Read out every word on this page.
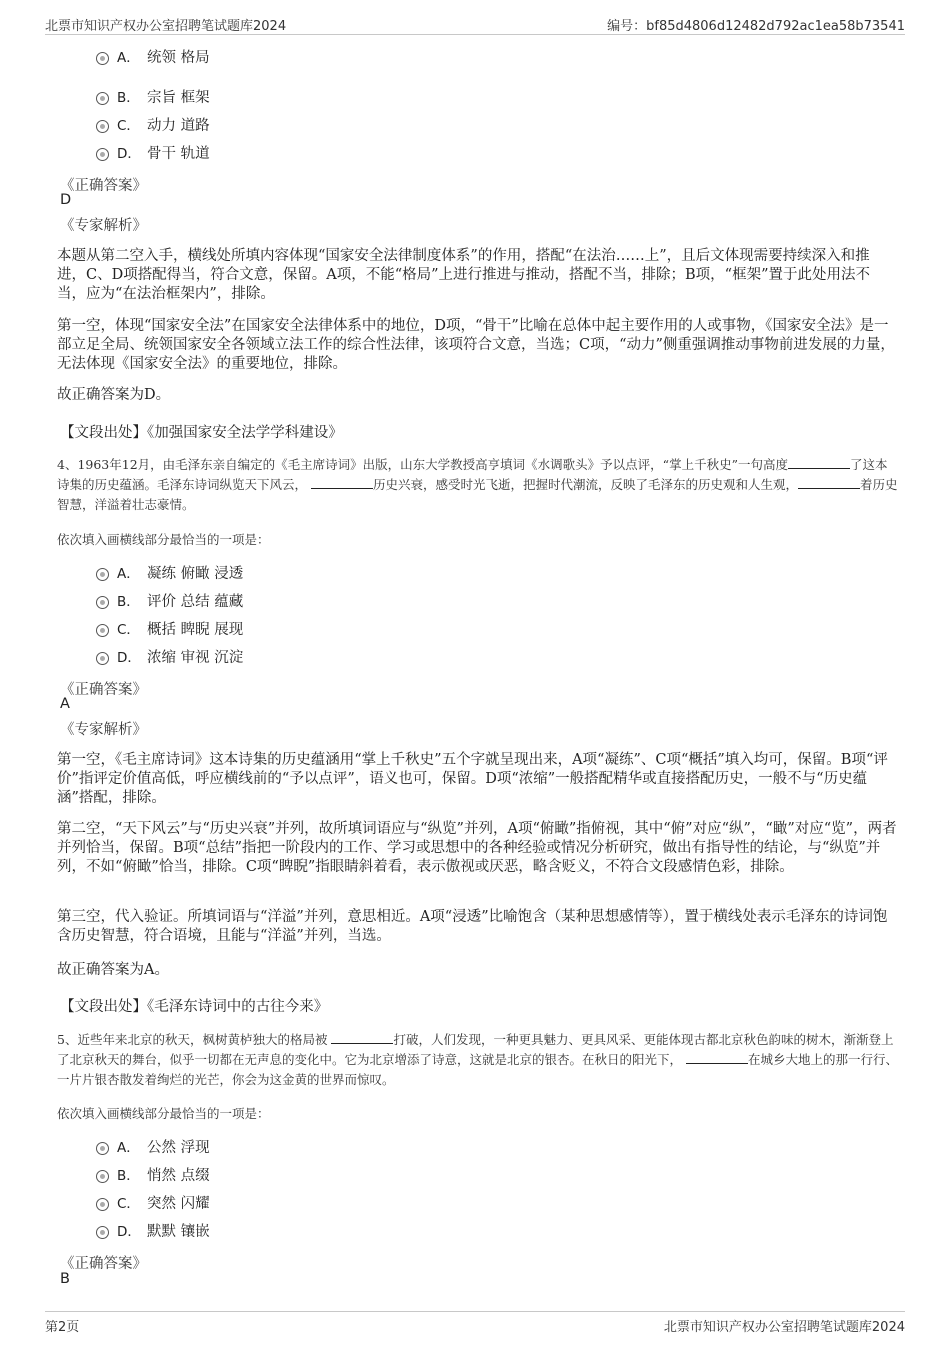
北票市知识产权办公室招聘笔试题库2024	编号：bf85d4806d12482d792ac1ea58b73541
A． 统领 格局
B． 宗旨 框架
C． 动力 道路
D． 骨干 轨道
《正确答案》
D
《专家解析》
本题从第二空入手，横线处所填内容体现“国家安全法律制度体系”的作用，搭配“在法治……上”，且后文体现需要持续深入和推进，C、D项搭配得当，符合文意，保留。A项，不能“格局”上进行推进与推动，搭配不当，排除；B项，“框架”置于此处用法不当，应为“在法治框架内”，排除。
第一空，体现“国家安全法”在国家安全法律体系中的地位，D项，“骨干”比喻在总体中起主要作用的人或事物，《国家安全法》是一部立足全局、统领国家安全各领域立法工作的综合性法律，该项符合文意，当选；C项，“动力”侧重强调推动事物前进发展的力量，无法体现《国家安全法》的重要地位，排除。
故正确答案为D。
【文段出处】《加强国家安全法学学科建设》
4、1963年12月，由毛泽东亲自编定的《毛主席诗词》出版，山东大学教授高亨填词《水调歌头》予以点评，“掌上千秋史”一句高度	了这本诗集的历史蕴涵。毛泽东诗词纵览天下风云，	历史兴衰，感受时光飞逝，把握时代潮流，反映了毛泽东的历史观和人生观，	着历史智慧，洋溢着壮志豪情。
依次填入画横线部分最恰当的一项是：
A． 凝练 俯瞰 浸透
B． 评价 总结 蕴藏
C． 概括 睥睨 展现
D． 浓缩 审视 沉淀
《正确答案》
A
《专家解析》
第一空，《毛主席诗词》这本诗集的历史蕴涵用“掌上千秋史”五个字就呈现出来，A项“凝练”、C项“概括”填入均可，保留。B项“评价”指评定价值高低，呼应横线前的“予以点评”，语义也可，保留。D项“浓缩”一般搭配精华或直接搭配历史，一般不与“历史蕴涵”搭配，排除。
第二空，“天下风云”与“历史兴衰”并列，故所填词语应与“纵览”并列，A项“俯瞰”指俯视，其中“俯”对应“纵”，“瞰”对应“览”，两者并列恰当，保留。B项“总结”指把一阶段内的工作、学习或思想中的各种经验或情况分析研究，做出有指导性的结论，与“纵览”并列，不如“俯瞰”恰当，排除。C项“睥睨”指眼睛斜着看，表示傲视或厌恶，略含贬义，不符合文段感情色彩，排除。
第三空，代入验证。所填词语与“洋溢”并列，意思相近。A项“浸透”比喻饱含（某种思想感情等），置于横线处表示毛泽东的诗词饱含历史智慧，符合语境，且能与“洋溢”并列，当选。
故正确答案为A。
【文段出处】《毛泽东诗词中的古往今来》
5、近些年来北京的秋天，枫树黄栌独大的格局被	打破，人们发现，一种更具魅力、更具风采、更能体现古都北京秋色韵味的树木，渐渐登上了北京秋天的舞台，似乎一切都在无声息的变化中。它为北京增添了诗意，这就是北京的银杏。在秋日的阳光下，	在城乡大地上的那一行行、一片片银杏散发着绚烂的光芒，你会为这金黄的世界而惊叹。
依次填入画横线部分最恰当的一项是：
A． 公然 浮现
B． 悄然 点缀
C． 突然 闪耀
D． 默默 镶嵌
《正确答案》
B
第2页	北票市知识产权办公室招聘笔试题库2024
